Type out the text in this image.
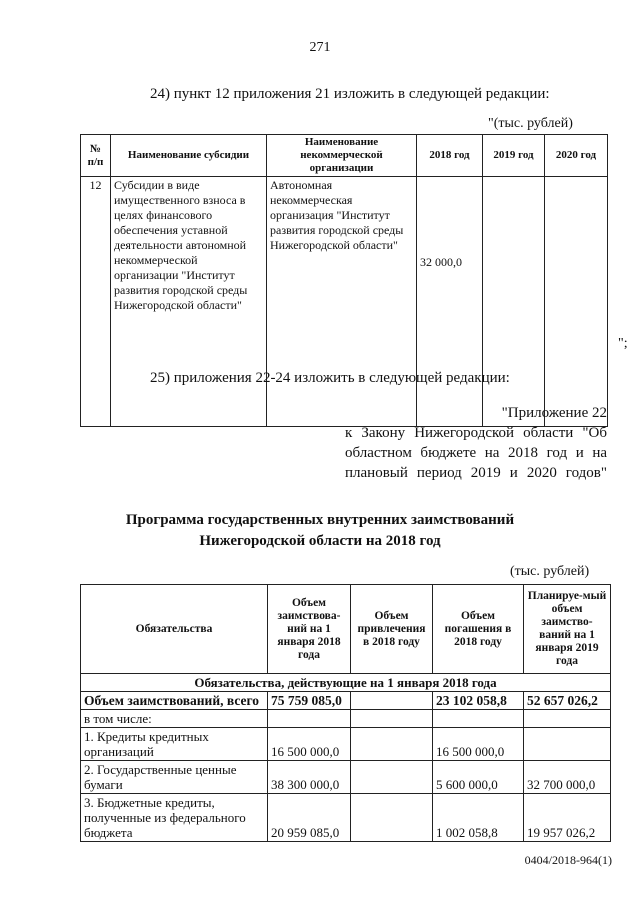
271
24) пункт 12 приложения 21 изложить в следующей редакции:
"(тыс. рублей)
№ п/п	Наименование субсидии	Наименование некоммерческой организации	2018 год	2019 год	2020 год
12	Субсидии в виде имущественного взноса в целях финансового обеспечения уставной деятельности автономной некоммерческой организации "Институт развития городской среды Нижегородской области"	Автономная некоммерческая организация "Институт развития городской среды Нижегородской области"	32 000,0		
";
25) приложения 22-24 изложить в следующей редакции:
"Приложение 22
к Закону Нижегородской области "Об
областном бюджете на 2018 год и на
плановый период 2019 и 2020 годов"
Программа государственных внутренних заимствований
Нижегородской области на 2018 год
(тыс. рублей)
Обязательства	Объем заимствова-ний на 1 января 2018 года	Объем привлечения в 2018 году	Объем погашения в 2018 году	Планируе-мый объем заимство-ваний на 1 января 2019 года
Обязательства, действующие на 1 января 2018 года				
Объем заимствований, всего	75 759 085,0		23 102 058,8	52 657 026,2
в том числе:				
1. Кредиты кредитных организаций	16 500 000,0		16 500 000,0	
2. Государственные ценные бумаги	38 300 000,0		5 600 000,0	32 700 000,0
3. Бюджетные кредиты, полученные из федерального бюджета	20 959 085,0		1 002 058,8	19 957 026,2
0404/2018-964(1)
